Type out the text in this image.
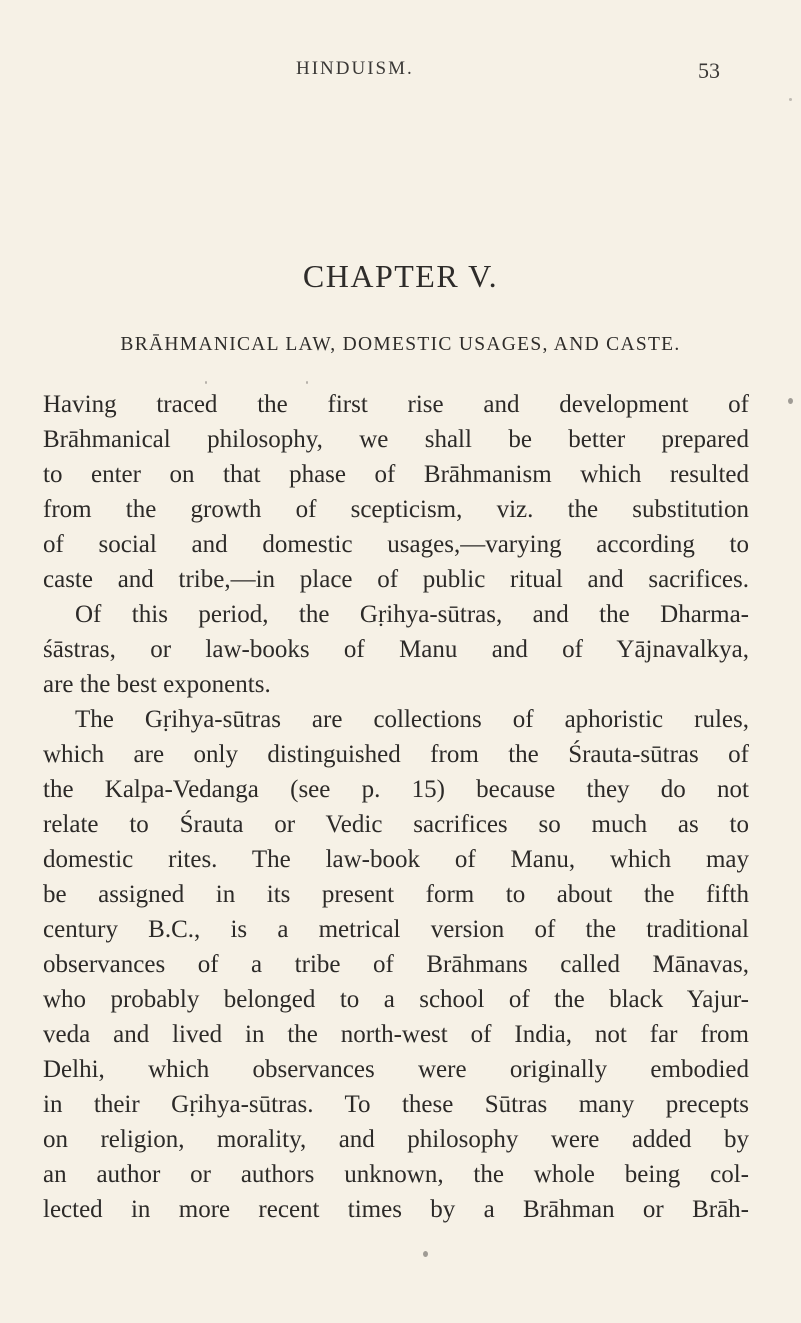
HINDUISM.	53
CHAPTER V.
BRĀHMANICAL LAW, DOMESTIC USAGES, AND CASTE.
Having traced the first rise and development of
Brāhmanical philosophy, we shall be better prepared
to enter on that phase of Brāhmanism which resulted
from the growth of scepticism, viz. the substitution
of social and domestic usages,—varying according to
caste and tribe,—in place of public ritual and sacrifices.
Of this period, the Gṛihya-sūtras, and the Dharma-
śāstras, or law-books of Manu and of Yājnavalkya,
are the best exponents.
The Gṛihya-sūtras are collections of aphoristic rules,
which are only distinguished from the Śrauta-sūtras of
the Kalpa-Vedanga (see p. 15) because they do not
relate to Śrauta or Vedic sacrifices so much as to
domestic rites. The law-book of Manu, which may
be assigned in its present form to about the fifth
century B.C., is a metrical version of the traditional
observances of a tribe of Brāhmans called Mānavas,
who probably belonged to a school of the black Yajur-
veda and lived in the north-west of India, not far from
Delhi, which observances were originally embodied
in their Gṛihya-sūtras. To these Sūtras many precepts
on religion, morality, and philosophy were added by
an author or authors unknown, the whole being col-
lected in more recent times by a Brāhman or Brāh-
